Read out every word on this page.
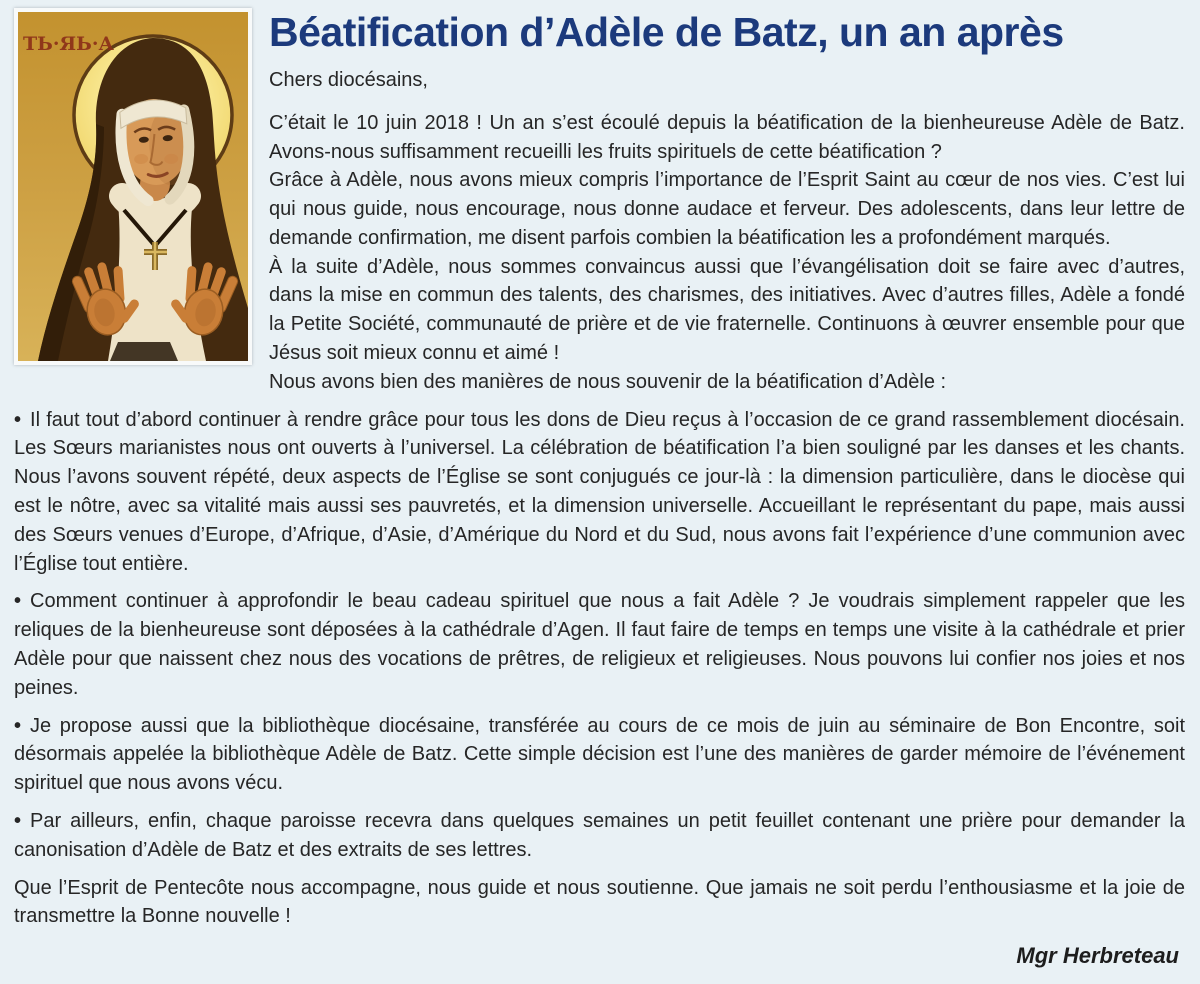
ТЬ·ЯЬ·А	Béatification d’Adèle de Batz, un an après

Chers diocésains,

C’était le 10 juin 2018 ! Un an s’est écoulé depuis la béatification de la bienheureuse Adèle de Batz. Avons-nous suffisamment recueilli les fruits spirituels de cette béatification ?

Grâce à Adèle, nous avons mieux compris l’importance de l’Esprit Saint au cœur de nos vies. C’est lui qui nous guide, nous encourage, nous donne audace et ferveur. Des adolescents, dans leur lettre de demande confirmation, me disent parfois combien la béatification les a profondément marqués.

À la suite d’Adèle, nous sommes convaincus aussi que l’évangélisation doit se faire avec d’autres, dans la mise en commun des talents, des charismes, des initiatives. Avec d’autres filles, Adèle a fondé la Petite Société, communauté de prière et de vie fraternelle. Continuons à œuvrer ensemble pour que Jésus soit mieux connu et aimé !

Nous avons bien des manières de nous souvenir de la béatification d’Adèle :

• Il faut tout d’abord continuer à rendre grâce pour tous les dons de Dieu reçus à l’occasion de ce grand rassemblement diocésain. Les Sœurs marianistes nous ont ouverts à l’universel. La célébration de béatification l’a bien souligné par les danses et les chants. Nous l’avons souvent répété, deux aspects de l’Église se sont conjugués ce jour-là : la dimension particulière, dans le diocèse qui est le nôtre, avec sa vitalité mais aussi ses pauvretés, et la dimension universelle. Accueillant le représentant du pape, mais aussi des Sœurs venues d’Europe, d’Afrique, d’Asie, d’Amérique du Nord et du Sud, nous avons fait l’expérience d’une communion avec l’Église tout entière.

• Comment continuer à approfondir le beau cadeau spirituel que nous a fait Adèle ? Je voudrais simplement rappeler que les reliques de la bienheureuse sont déposées à la cathédrale d’Agen. Il faut faire de temps en temps une visite à la cathédrale et prier Adèle pour que naissent chez nous des vocations de prêtres, de religieux et religieuses. Nous pouvons lui confier nos joies et nos peines.

• Je propose aussi que la bibliothèque diocésaine, transférée au cours de ce mois de juin au séminaire de Bon Encontre, soit désormais appelée la bibliothèque Adèle de Batz. Cette simple décision est l’une des manières de garder mémoire de l’événement spirituel que nous avons vécu.

• Par ailleurs, enfin, chaque paroisse recevra dans quelques semaines un petit feuillet contenant une prière pour demander la canonisation d’Adèle de Batz et des extraits de ses lettres.

Que l’Esprit de Pentecôte nous accompagne, nous guide et nous soutienne. Que jamais ne soit perdu l’enthousiasme et la joie de transmettre la Bonne nouvelle !

Mgr Herbreteau
